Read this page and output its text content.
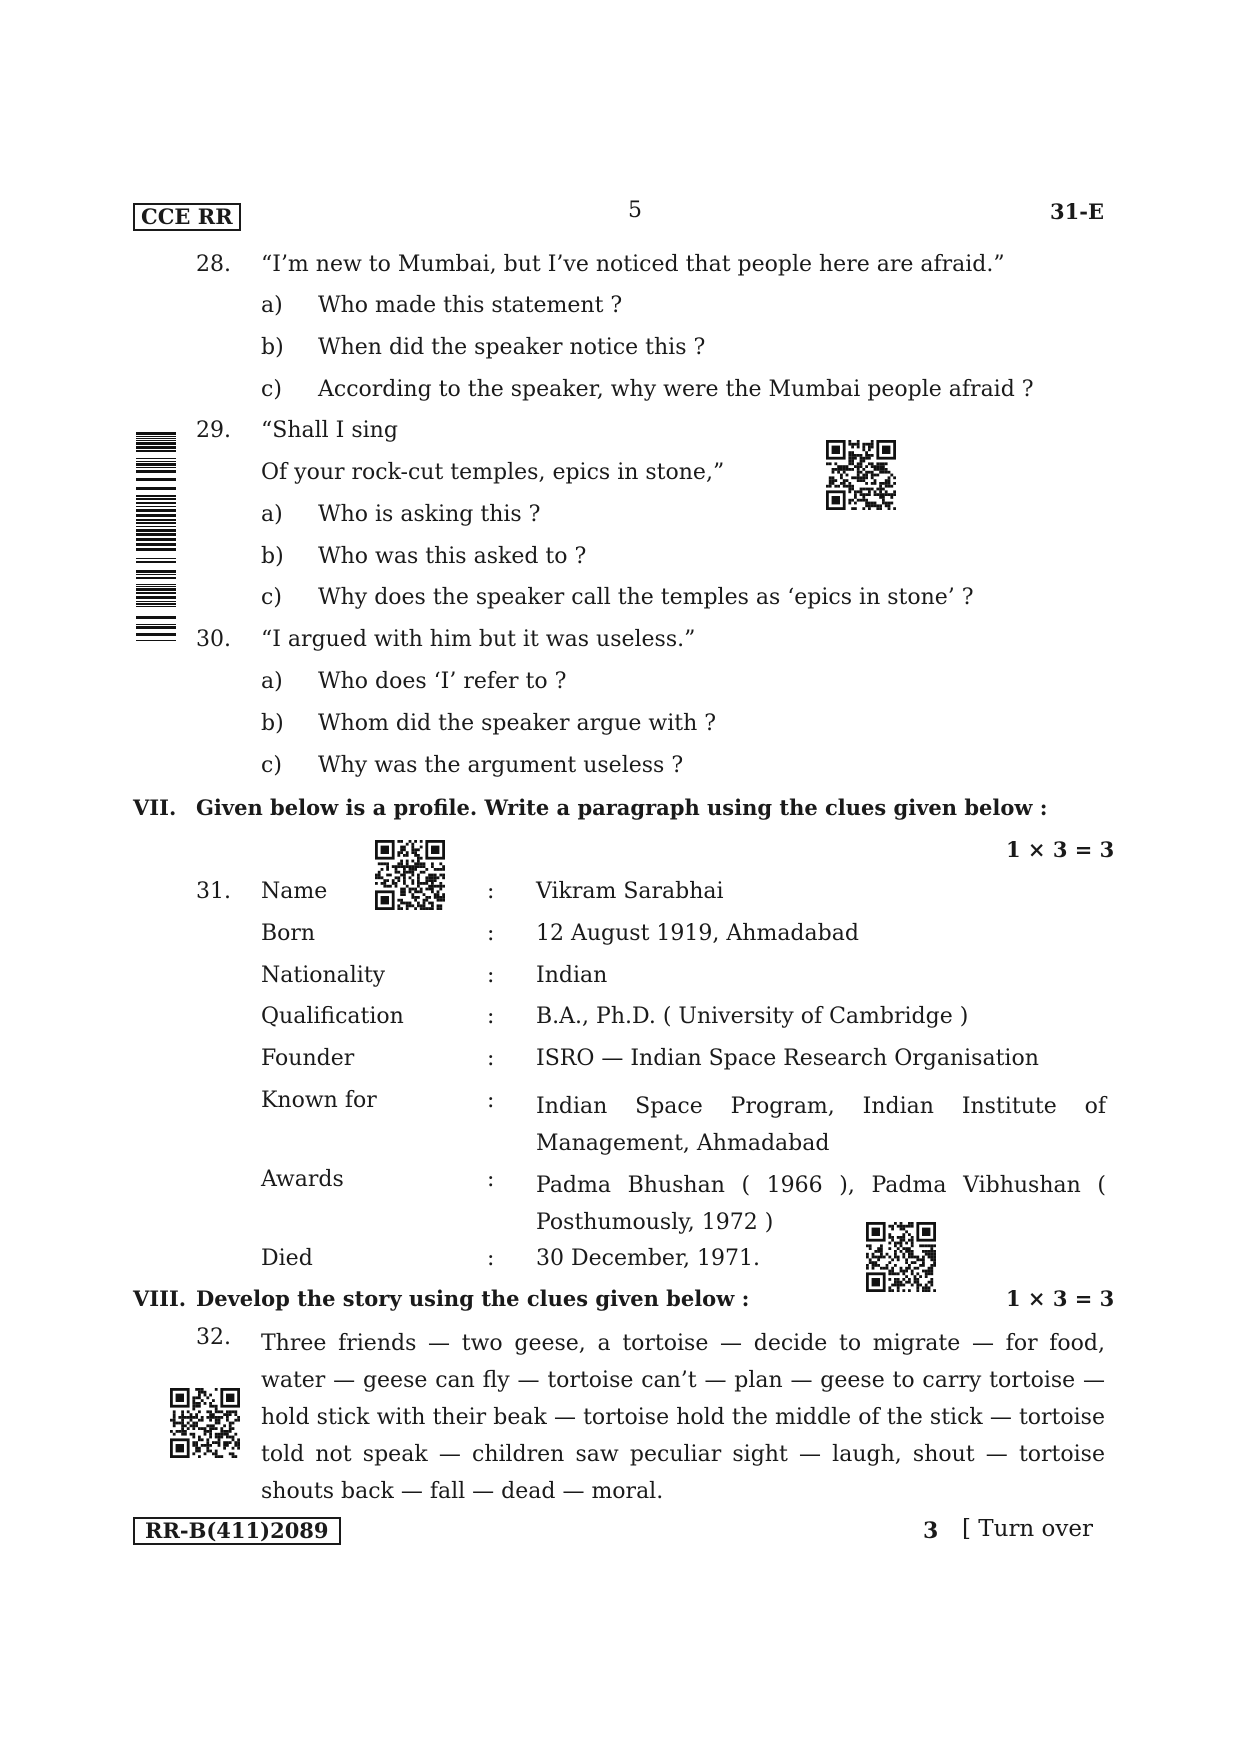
CCE RR	5	31-E
28. “I’m new to Mumbai, but I’ve noticed that people here are afraid.”
a) Who made this statement ?
b) When did the speaker notice this ?
c) According to the speaker, why were the Mumbai people afraid ?
29. “Shall I sing
Of your rock-cut temples, epics in stone,”
a) Who is asking this ?
b) Who was this asked to ?
c) Why does the speaker call the temples as ‘epics in stone’ ?
30. “I argued with him but it was useless.”
a) Who does ‘I’ refer to ?
b) Whom did the speaker argue with ?
c) Why was the argument useless ?
VII. Given below is a profile. Write a paragraph using the clues given below :
1 × 3 = 3
31. Name	: Vikram Sarabhai
Born	: 12 August 1919, Ahmadabad
Nationality	: Indian
Qualification	: B.A., Ph.D. ( University of Cambridge )
Founder	: ISRO — Indian Space Research Organisation
Known for	: Indian Space Program, Indian Institute of Management, Ahmadabad
Awards	: Padma Bhushan ( 1966 ), Padma Vibhushan ( Posthumously, 1972 )
Died	: 30 December, 1971.
VIII. Develop the story using the clues given below :	1 × 3 = 3
32. Three friends — two geese, a tortoise — decide to migrate — for food, water — geese can fly — tortoise can’t — plan — geese to carry tortoise — hold stick with their beak — tortoise hold the middle of the stick — tortoise told not speak — children saw peculiar sight — laugh, shout — tortoise shouts back — fall — dead — moral.
RR-B(411)2089	3 [ Turn over
